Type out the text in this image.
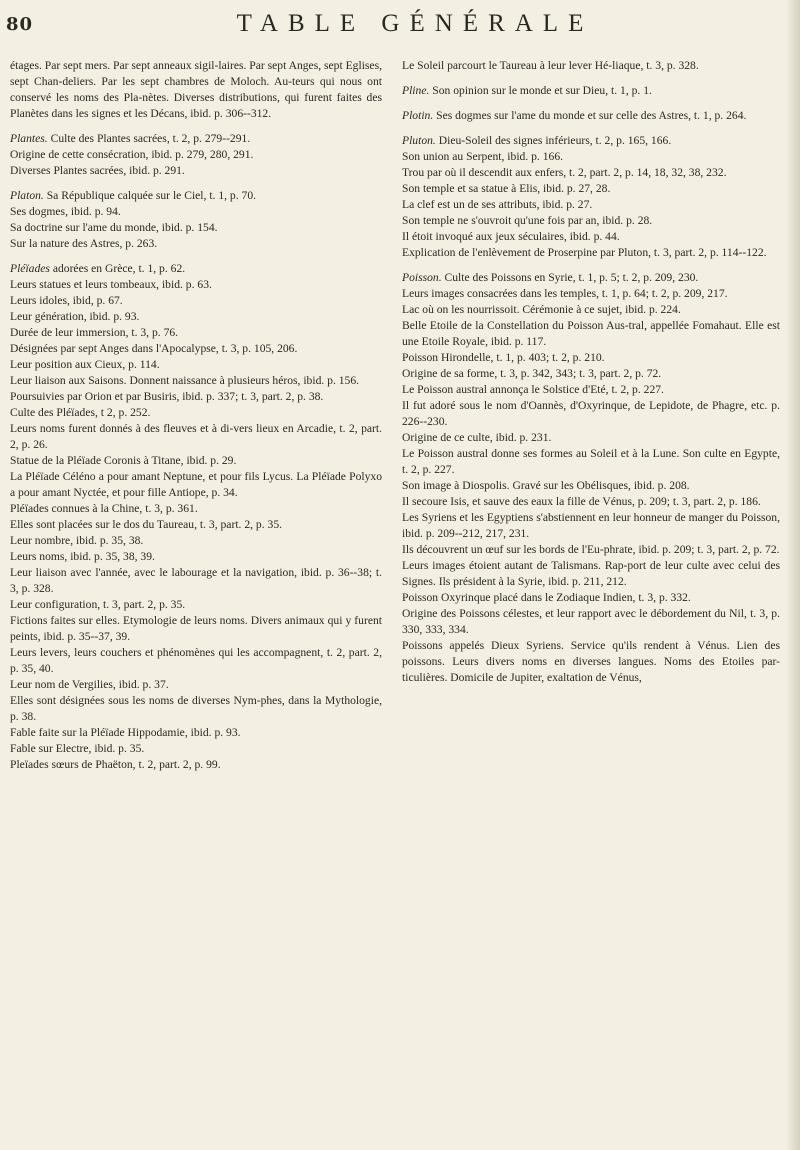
80	TABLE GÉNÉRALE

étages. Par sept mers. Par sept anneaux sigil-laires. Par sept Anges, sept Eglises, sept Chan-deliers. Par les sept chambres de Moloch. Au-teurs qui nous ont conservé les noms des Pla-nètes. Diverses distributions, qui furent faites des Planètes dans les signes et les Décans, ibid. p. 306--312.

Plantes. Culte des Plantes sacrées, t. 2, p. 279--291.

Origine de cette consécration, ibid. p. 279, 280, 291.

Diverses Plantes sacrées, ibid. p. 291.

Platon. Sa République calquée sur le Ciel, t. 1, p. 70.

Ses dogmes, ibid. p. 94.

Sa doctrine sur l'ame du monde, ibid. p. 154.

Sur la nature des Astres, p. 263.

Pléïades adorées en Grèce, t. 1, p. 62.

Leurs statues et leurs tombeaux, ibid. p. 63.

Leurs idoles, ibid, p. 67.

Leur génération, ibid. p. 93.

Durée de leur immersion, t. 3, p. 76.

Désignées par sept Anges dans l'Apocalypse, t. 3, p. 105, 206.

Leur position aux Cieux, p. 114.

Leur liaison aux Saisons. Donnent naissance à plusieurs héros, ibid. p. 156.

Poursuivies par Orion et par Busiris, ibid. p. 337; t. 3, part. 2, p. 38.

Culte des Pléïades, t 2, p. 252.

Leurs noms furent donnés à des fleuves et à di-vers lieux en Arcadie, t. 2, part. 2, p. 26.

Statue de la Pléïade Coronis à Titane, ibid. p. 29.

La Pléïade Céléno a pour amant Neptune, et pour fils Lycus. La Pléïade Polyxo a pour amant Nyctée, et pour fille Antiope, p. 34.

Pléïades connues à la Chine, t. 3, p. 361.

Elles sont placées sur le dos du Taureau, t. 3, part. 2, p. 35.

Leur nombre, ibid. p. 35, 38.

Leurs noms, ibid. p. 35, 38, 39.

Leur liaison avec l'année, avec le labourage et la navigation, ibid. p. 36--38; t. 3, p. 328.

Leur configuration, t. 3, part. 2, p. 35.

Fictions faites sur elles. Etymologie de leurs noms. Divers animaux qui y furent peints, ibid. p. 35--37, 39.

Leurs levers, leurs couchers et phénomènes qui les accompagnent, t. 2, part. 2, p. 35, 40.

Leur nom de Vergilies, ibid. p. 37.

Elles sont désignées sous les noms de diverses Nym-phes, dans la Mythologie, p. 38.

Fable faite sur la Pléïade Hippodamie, ibid. p. 93.

Fable sur Electre, ibid. p. 35.

Pleïades sœurs de Phaëton, t. 2, part. 2, p. 99.

Le Soleil parcourt le Taureau à leur lever Hé-liaque, t. 3, p. 328.

Pline. Son opinion sur le monde et sur Dieu, t. 1, p. 1.

Plotin. Ses dogmes sur l'ame du monde et sur celle des Astres, t. 1, p. 264.

Pluton. Dieu-Soleil des signes inférieurs, t. 2, p. 165, 166.

Son union au Serpent, ibid. p. 166.

Trou par où il descendit aux enfers, t. 2, part. 2, p. 14, 18, 32, 38, 232.

Son temple et sa statue à Elis, ibid. p. 27, 28.

La clef est un de ses attributs, ibid. p. 27.

Son temple ne s'ouvroit qu'une fois par an, ibid. p. 28.

Il étoit invoqué aux jeux séculaires, ibid. p. 44.

Explication de l'enlèvement de Proserpine par Pluton, t. 3, part. 2, p. 114--122.

Poisson. Culte des Poissons en Syrie, t. 1, p. 5; t. 2, p. 209, 230.

Leurs images consacrées dans les temples, t. 1, p. 64; t. 2, p. 209, 217.

Lac où on les nourrissoit. Cérémonie à ce sujet, ibid. p. 224.

Belle Etoile de la Constellation du Poisson Aus-tral, appellée Fomahaut. Elle est une Etoile Royale, ibid. p. 117.

Poisson Hirondelle, t. 1, p. 403; t. 2, p. 210.

Origine de sa forme, t. 3, p. 342, 343; t. 3, part. 2, p. 72.

Le Poisson austral annonça le Solstice d'Eté, t. 2, p. 227.

Il fut adoré sous le nom d'Oannès, d'Oxyrinque, de Lepidote, de Phagre, etc. p. 226--230.

Origine de ce culte, ibid. p. 231.

Le Poisson austral donne ses formes au Soleil et à la Lune. Son culte en Egypte, t. 2, p. 227.

Son image à Diospolis. Gravé sur les Obélisques, ibid. p. 208.

Il secoure Isis, et sauve des eaux la fille de Vénus, p. 209; t. 3, part. 2, p. 186.

Les Syriens et les Egyptiens s'abstiennent en leur honneur de manger du Poisson, ibid. p. 209--212, 217, 231.

Ils découvrent un œuf sur les bords de l'Eu-phrate, ibid. p. 209; t. 3, part. 2, p. 72.

Leurs images étoient autant de Talismans. Rap-port de leur culte avec celui des Signes. Ils président à la Syrie, ibid. p. 211, 212.

Poisson Oxyrinque placé dans le Zodiaque Indien, t. 3, p. 332.

Origine des Poissons célestes, et leur rapport avec le débordement du Nil, t. 3, p. 330, 333, 334.

Poissons appelés Dieux Syriens. Service qu'ils rendent à Vénus. Lien des poissons. Leurs divers noms en diverses langues. Noms des Etoiles par-ticulières. Domicile de Jupiter, exaltation de Vénus,
